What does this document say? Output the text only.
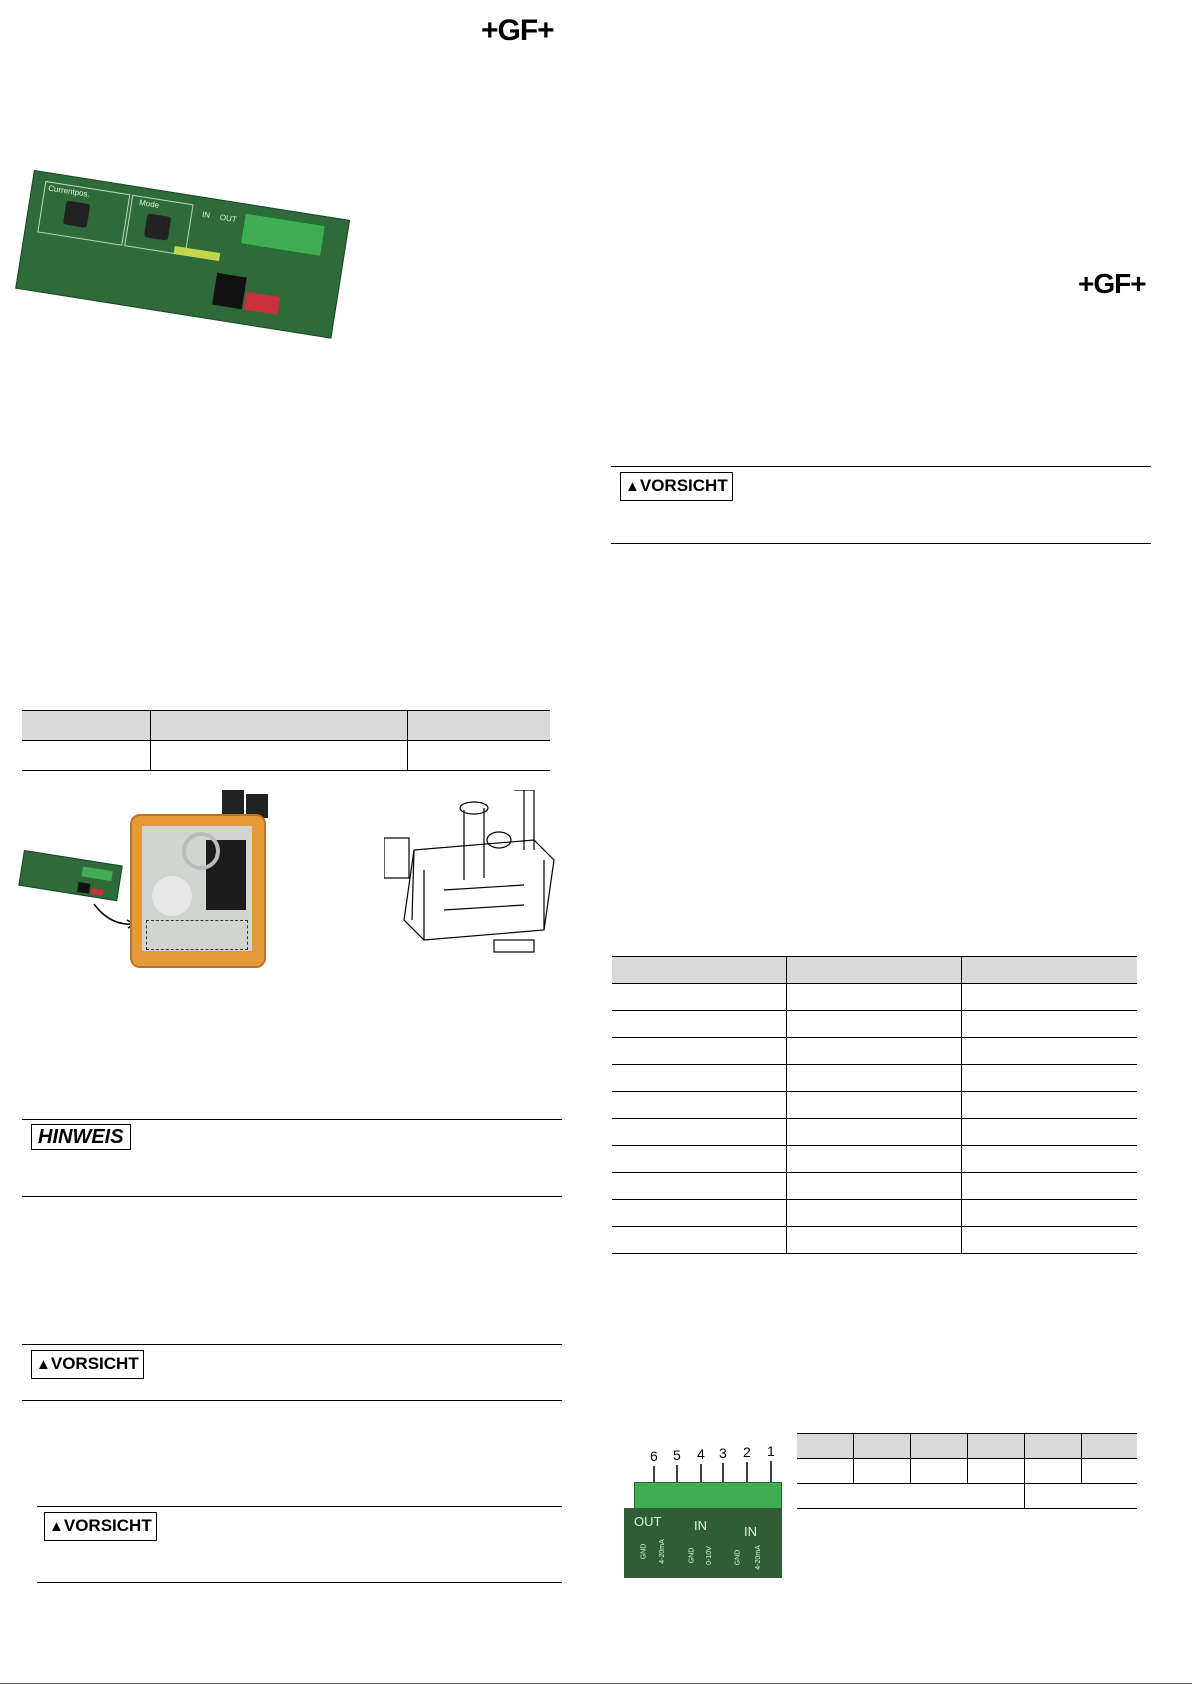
+GF+
+GF+
Currentpos.
Mode
IN OUT

HINWEIS
▲VORSICHT
▲VORSICHT
▲VORSICHT

6 5 4 3 2 1
OUT	IN	IN
GND 4-20mA	GND 0-10V	GND 4-20mA
